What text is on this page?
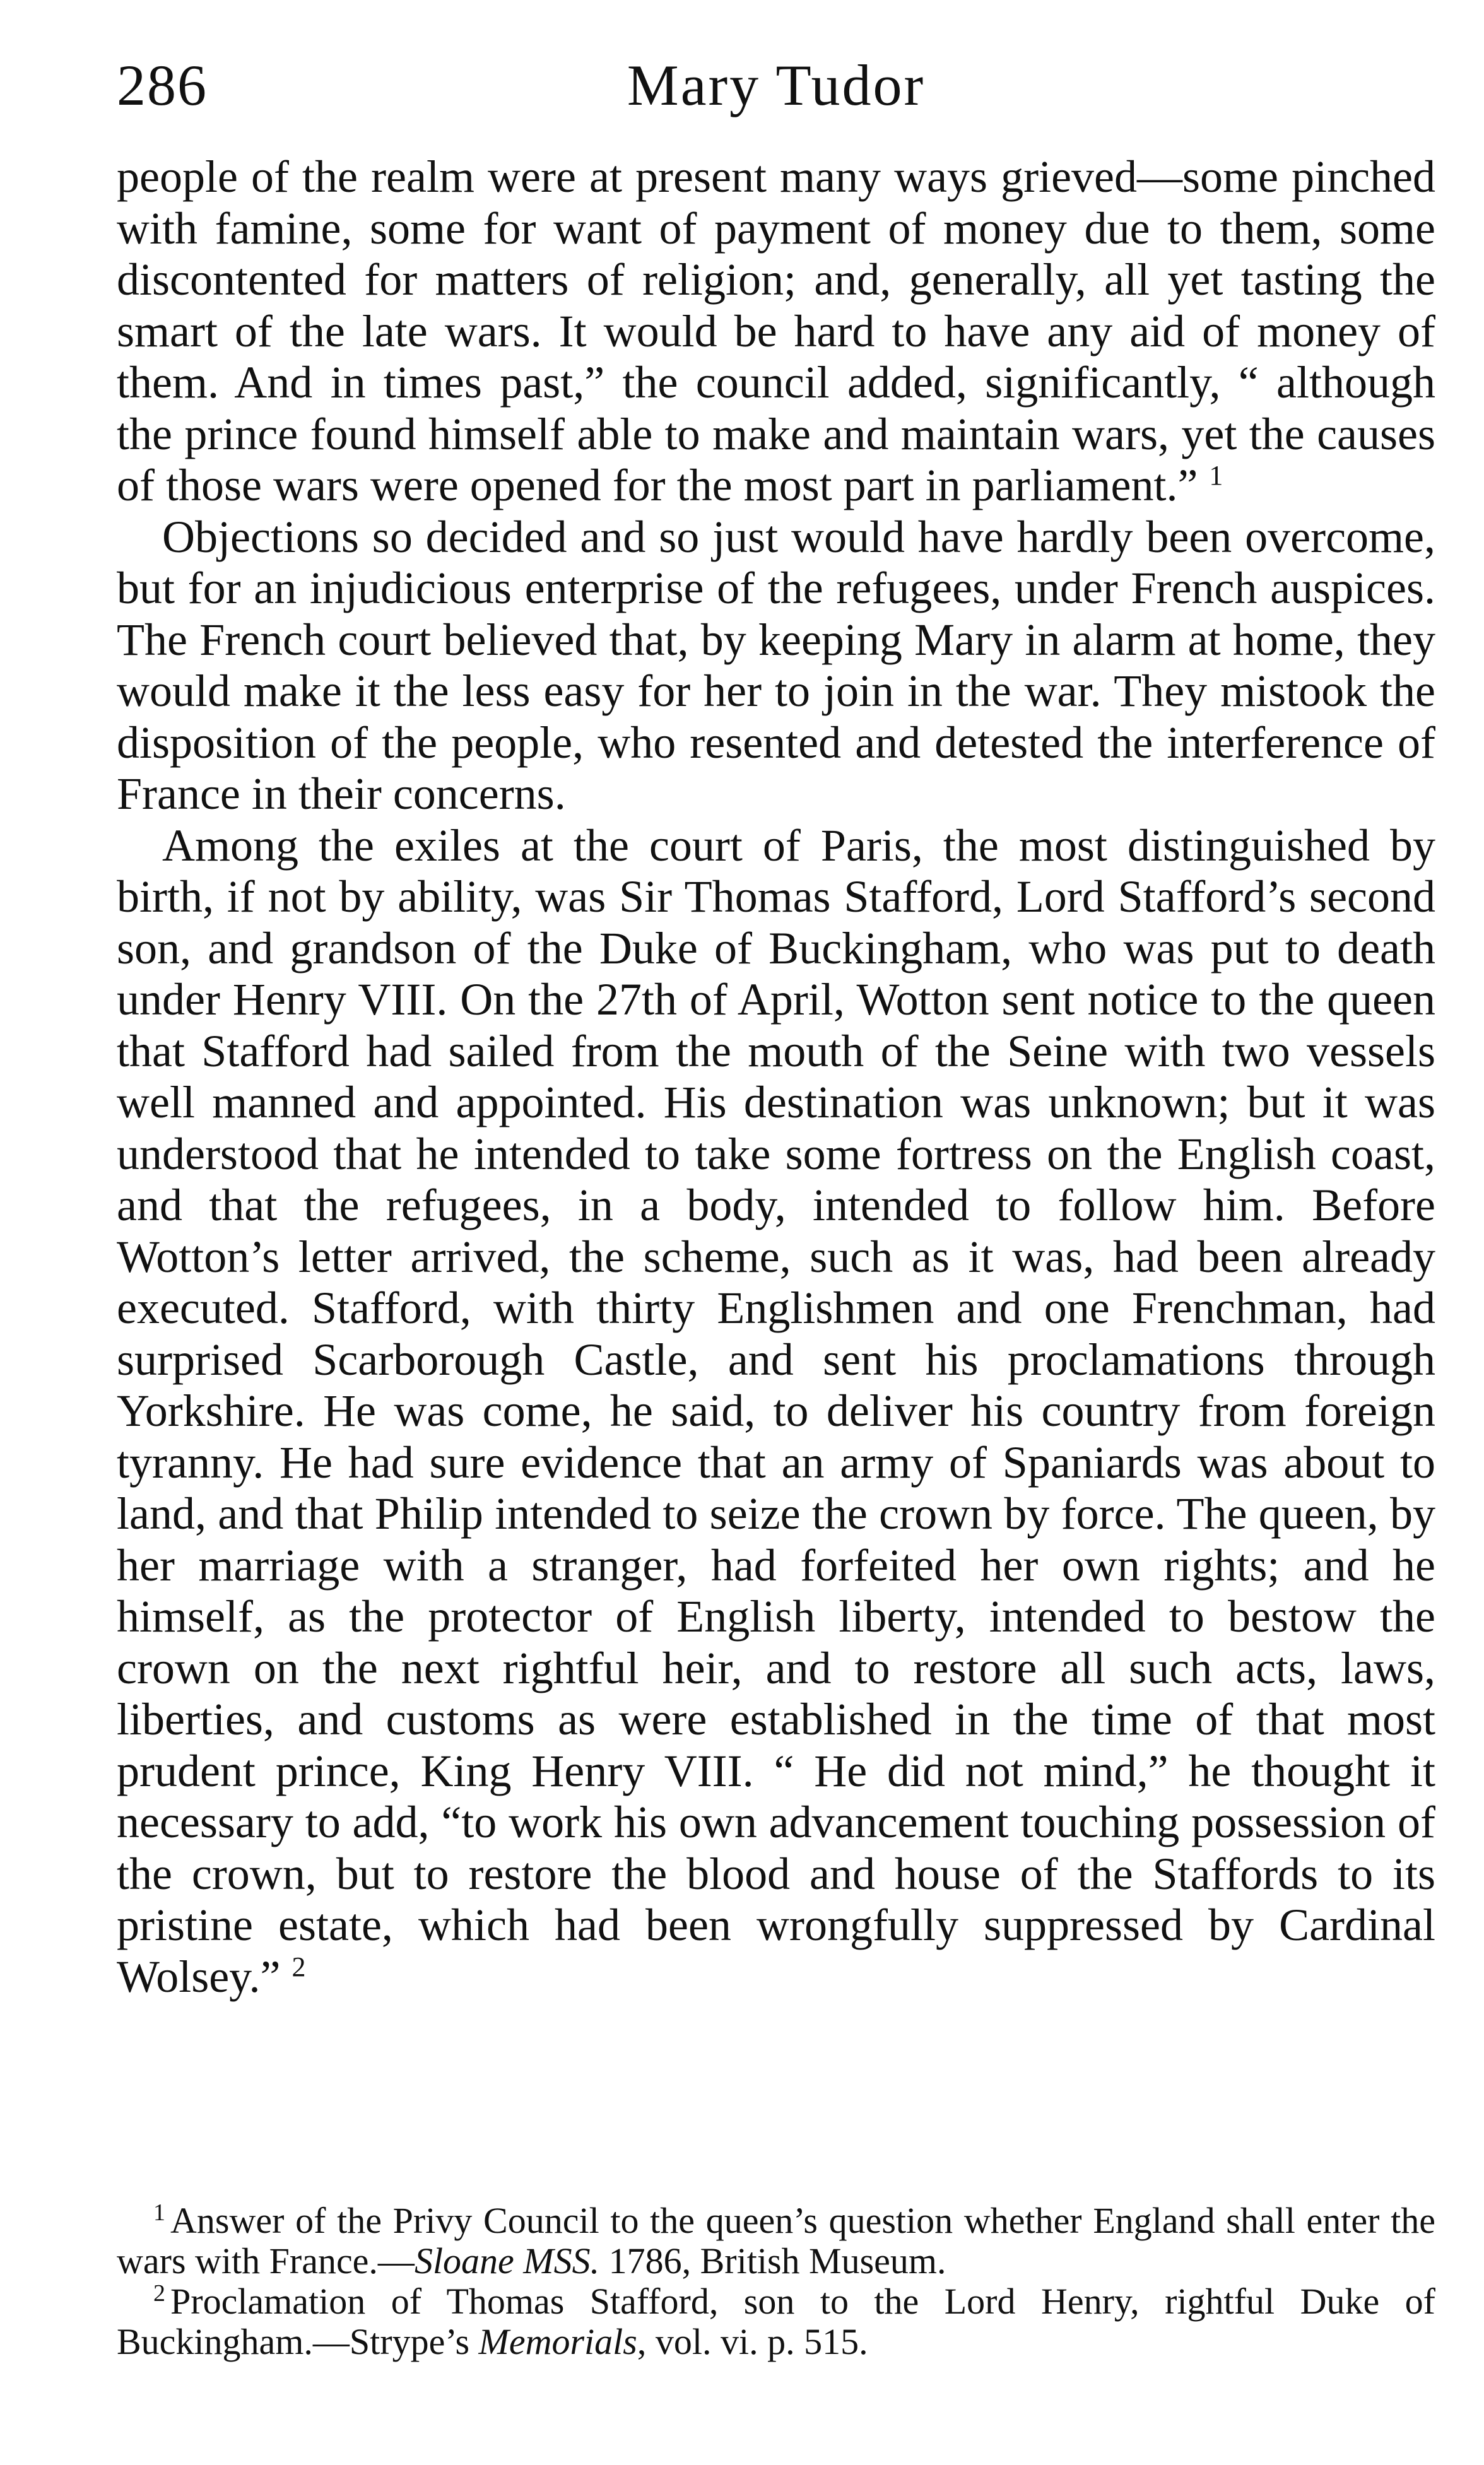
286	Mary Tudor

people of the realm were at present many ways grieved—some pinched with famine, some for want of payment of money due to them, some discontented for matters of religion; and, generally, all yet tasting the smart of the late wars. It would be hard to have any aid of money of them. And in times past,” the council added, significantly, “ although the prince found himself able to make and maintain wars, yet the causes of those wars were opened for the most part in parliament.” $^1$

Objections so decided and so just would have hardly been overcome, but for an injudicious enterprise of the refugees, under French auspices. The French court believed that, by keeping Mary in alarm at home, they would make it the less easy for her to join in the war. They mistook the disposition of the people, who resented and detested the interference of France in their concerns.

Among the exiles at the court of Paris, the most distinguished by birth, if not by ability, was Sir Thomas Stafford, Lord Stafford’s second son, and grandson of the Duke of Buckingham, who was put to death under Henry VIII. On the 27th of April, Wotton sent notice to the queen that Stafford had sailed from the mouth of the Seine with two vessels well manned and appointed. His destination was unknown; but it was understood that he intended to take some fortress on the English coast, and that the refugees, in a body, intended to follow him. Before Wotton’s letter arrived, the scheme, such as it was, had been already executed. Stafford, with thirty Englishmen and one Frenchman, had surprised Scarborough Castle, and sent his proclamations through Yorkshire. He was come, he said, to deliver his country from foreign tyranny. He had sure evidence that an army of Spaniards was about to land, and that Philip intended to seize the crown by force. The queen, by her marriage with a stranger, had forfeited her own rights; and he himself, as the protector of English liberty, intended to bestow the crown on the next rightful heir, and to restore all such acts, laws, liberties, and customs as were established in the time of that most prudent prince, King Henry VIII. “ He did not mind,” he thought it necessary to add, “to work his own advancement touching possession of the crown, but to restore the blood and house of the Staffords to its pristine estate, which had been wrongfully suppressed by Cardinal Wolsey.” $^2$

$^1$ Answer of the Privy Council to the queen’s question whether England shall enter the wars with France.—Sloane MSS. 1786, British Museum.

$^2$ Proclamation of Thomas Stafford, son to the Lord Henry, rightful Duke of Buckingham.—Strype’s Memorials, vol. vi. p. 515.
